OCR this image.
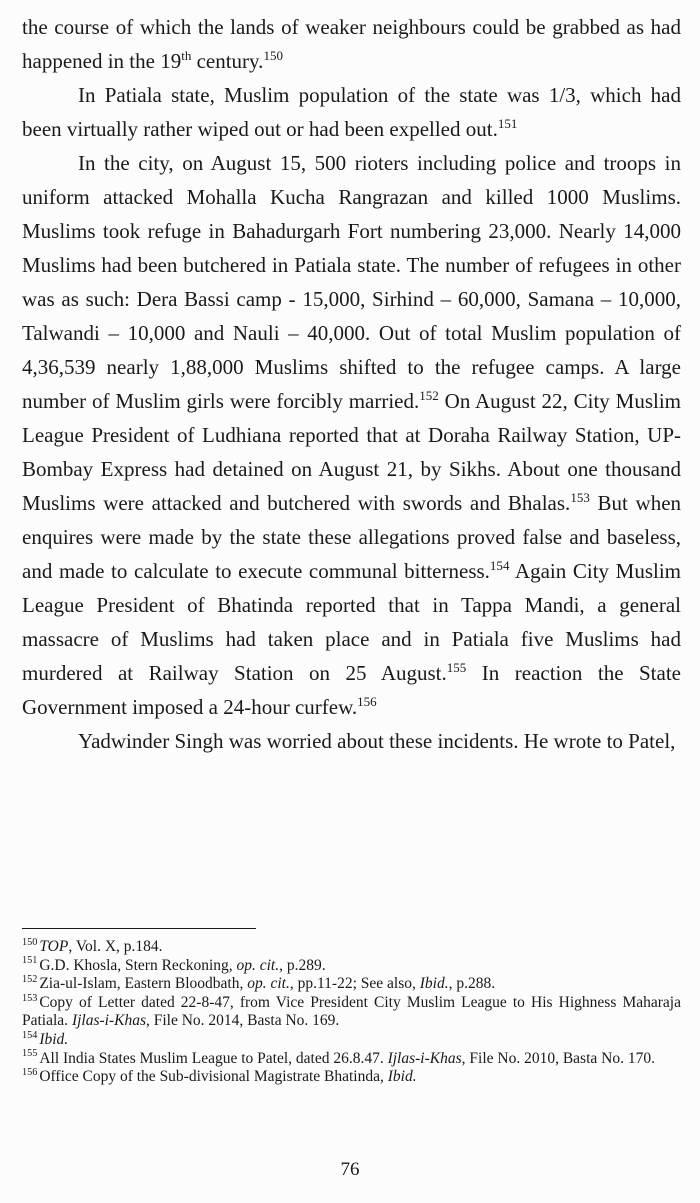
the course of which the lands of weaker neighbours could be grabbed as had happened in the 19th century.$^{150}$

In Patiala state, Muslim population of the state was 1/3, which had been virtually rather wiped out or had been expelled out.$^{151}$

In the city, on August 15, 500 rioters including police and troops in uniform attacked Mohalla Kucha Rangrazan and killed 1000 Muslims. Muslims took refuge in Bahadurgarh Fort numbering 23,000. Nearly 14,000 Muslims had been butchered in Patiala state. The number of refugees in other was as such: Dera Bassi camp - 15,000, Sirhind – 60,000, Samana – 10,000, Talwandi – 10,000 and Nauli – 40,000. Out of total Muslim population of 4,36,539 nearly 1,88,000 Muslims shifted to the refugee camps. A large number of Muslim girls were forcibly married.$^{152}$ On August 22, City Muslim League President of Ludhiana reported that at Doraha Railway Station, UP-Bombay Express had detained on August 21, by Sikhs. About one thousand Muslims were attacked and butchered with swords and Bhalas.$^{153}$ But when enquires were made by the state these allegations proved false and baseless, and made to calculate to execute communal bitterness.$^{154}$ Again City Muslim League President of Bhatinda reported that in Tappa Mandi, a general massacre of Muslims had taken place and in Patiala five Muslims had murdered at Railway Station on 25 August.$^{155}$ In reaction the State Government imposed a 24-hour curfew.$^{156}$

Yadwinder Singh was worried about these incidents. He wrote to Patel,

$^{150}$ TOP, Vol. X, p.184.

$^{151}$ G.D. Khosla, Stern Reckoning, op. cit., p.289.

$^{152}$ Zia-ul-Islam, Eastern Bloodbath, op. cit., pp.11-22; See also, Ibid., p.288.

$^{153}$ Copy of Letter dated 22-8-47, from Vice President City Muslim League to His Highness Maharaja Patiala. Ijlas-i-Khas, File No. 2014, Basta No. 169.

$^{154}$ Ibid.

$^{155}$ All India States Muslim League to Patel, dated 26.8.47. Ijlas-i-Khas, File No. 2010, Basta No. 170.

$^{156}$ Office Copy of the Sub-divisional Magistrate Bhatinda, Ibid.

76
